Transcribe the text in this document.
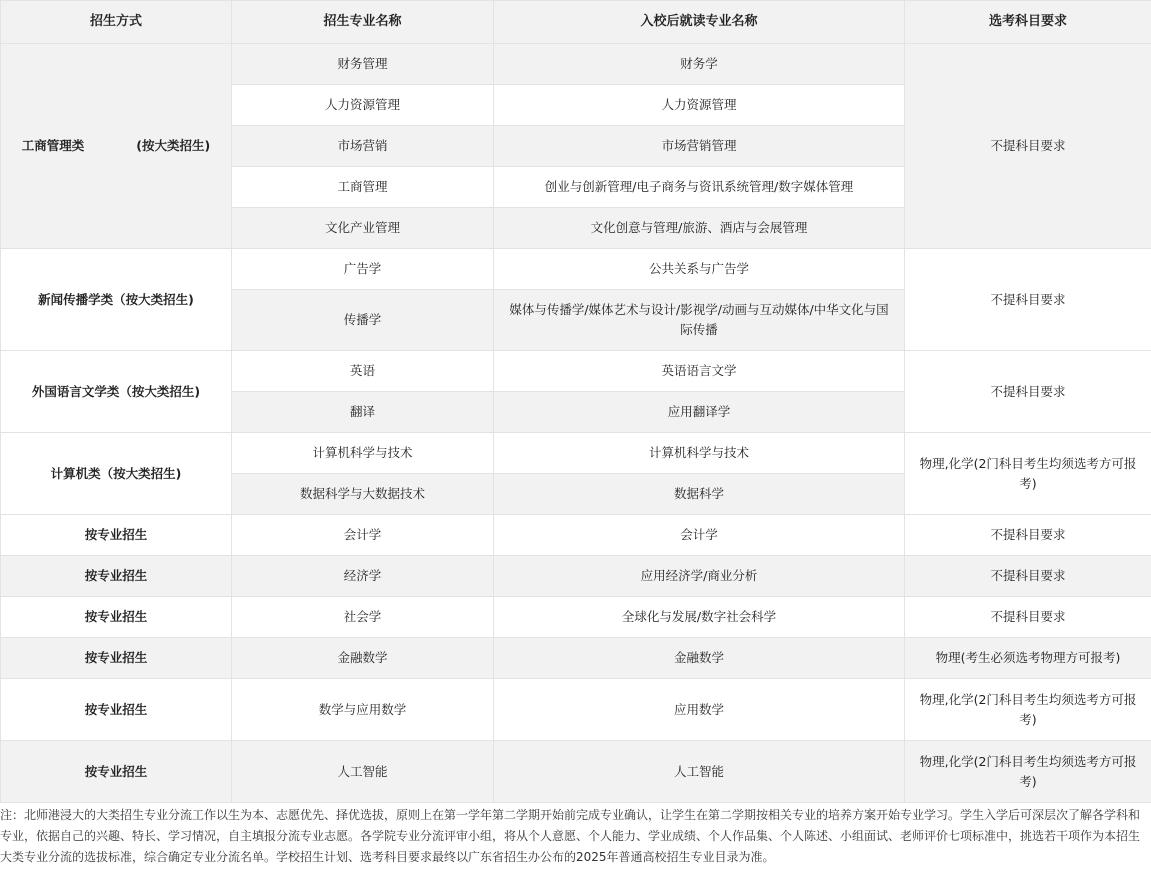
招生方式	招生专业名称	入校后就读专业名称	选考科目要求
工商管理类 (按大类招生)	财务管理	财务学	不提科目要求
	人力资源管理	人力资源管理	
	市场营销	市场营销管理	
	工商管理	创业与创新管理/电子商务与资讯系统管理/数字媒体管理	
	文化产业管理	文化创意与管理/旅游、酒店与会展管理	
新闻传播学类（按大类招生)	广告学	公共关系与广告学	不提科目要求
	传播学	媒体与传播学/媒体艺术与设计/影视学/动画与互动媒体/中华文化与国际传播	
外国语言文学类（按大类招生)	英语	英语语言文学	不提科目要求
	翻译	应用翻译学	
计算机类（按大类招生)	计算机科学与技术	计算机科学与技术	物理,化学(2门科目考生均须选考方可报考)
	数据科学与大数据技术	数据科学	
按专业招生	会计学	会计学	不提科目要求
按专业招生	经济学	应用经济学/商业分析	不提科目要求
按专业招生	社会学	全球化与发展/数字社会科学	不提科目要求
按专业招生	金融数学	金融数学	物理(考生必须选考物理方可报考)
按专业招生	数学与应用数学	应用数学	物理,化学(2门科目考生均须选考方可报考)
按专业招生	人工智能	人工智能	物理,化学(2门科目考生均须选考方可报考)

注：北师港浸大的大类招生专业分流工作以生为本、志愿优先、择优选拔，原则上在第一学年第二学期开始前完成专业确认，让学生在第二学期按相关专业的培养方案开始专业学习。学生入学后可深层次了解各学科和专业，依据自己的兴趣、特长、学习情况，自主填报分流专业志愿。各学院专业分流评审小组，将从个人意愿、个人能力、学业成绩、个人作品集、个人陈述、小组面试、老师评价七项标准中，挑选若干项作为本招生大类专业分流的选拔标准，综合确定专业分流名单。学校招生计划、选考科目要求最终以广东省招生办公布的2025年普通高校招生专业目录为准。
